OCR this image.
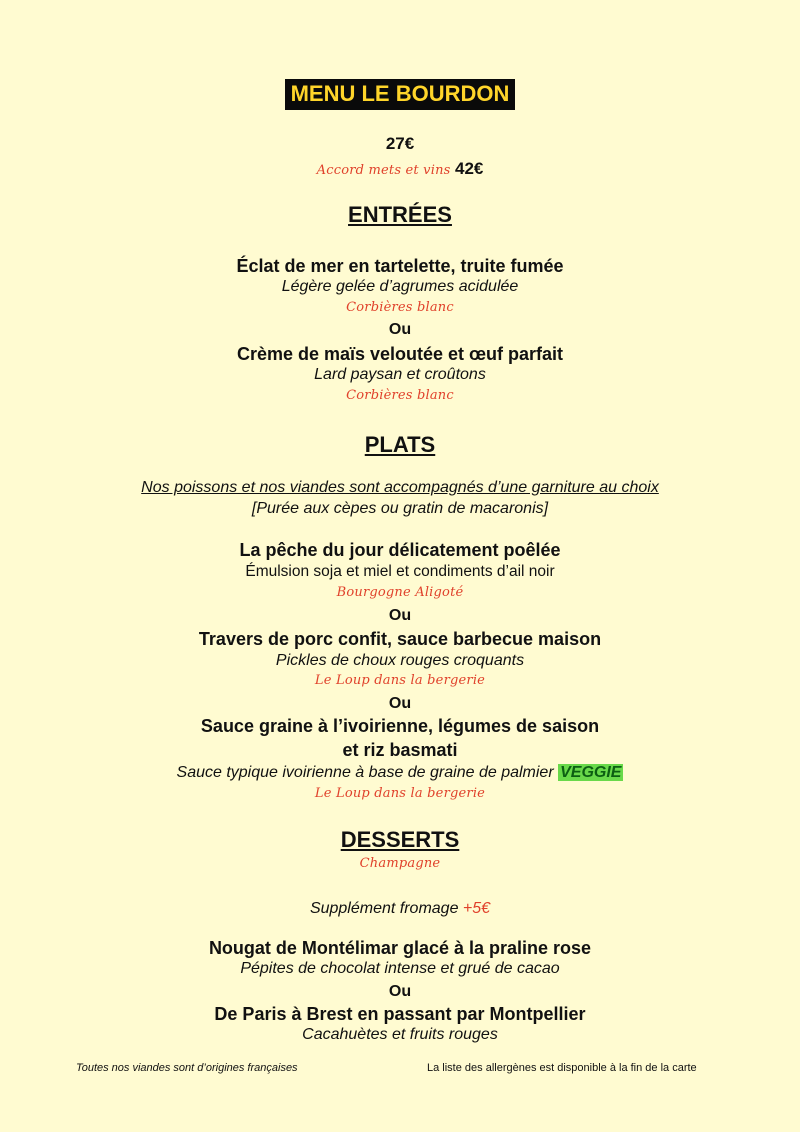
MENU LE BOURDON
27€
Accord mets et vins 42€
ENTRÉES
Éclat de mer en tartelette, truite fumée
Légère gelée d’agrumes acidulée
Corbières blanc
Ou
Crème de maïs veloutée et œuf parfait
Lard paysan et croûtons
Corbières blanc
PLATS
Nos poissons et nos viandes sont accompagnés d’une garniture au choix
[Purée aux cèpes ou gratin de macaronis]
La pêche du jour délicatement poêlée
Émulsion soja et miel et condiments d’ail noir
Bourgogne Aligoté
Ou
Travers de porc confit, sauce barbecue maison
Pickles de choux rouges croquants
Le Loup dans la bergerie
Ou
Sauce graine à l’ivoirienne, légumes de saison
et riz basmati
Sauce typique ivoirienne à base de graine de palmier VEGGIE
Le Loup dans la bergerie
DESSERTS
Champagne
Supplément fromage +5€
Nougat de Montélimar glacé à la praline rose
Pépites de chocolat intense et grué de cacao
Ou
De Paris à Brest en passant par Montpellier
Cacahuètes et fruits rouges
Toutes nos viandes sont d’origines françaises	La liste des allergènes est disponible à la fin de la carte
